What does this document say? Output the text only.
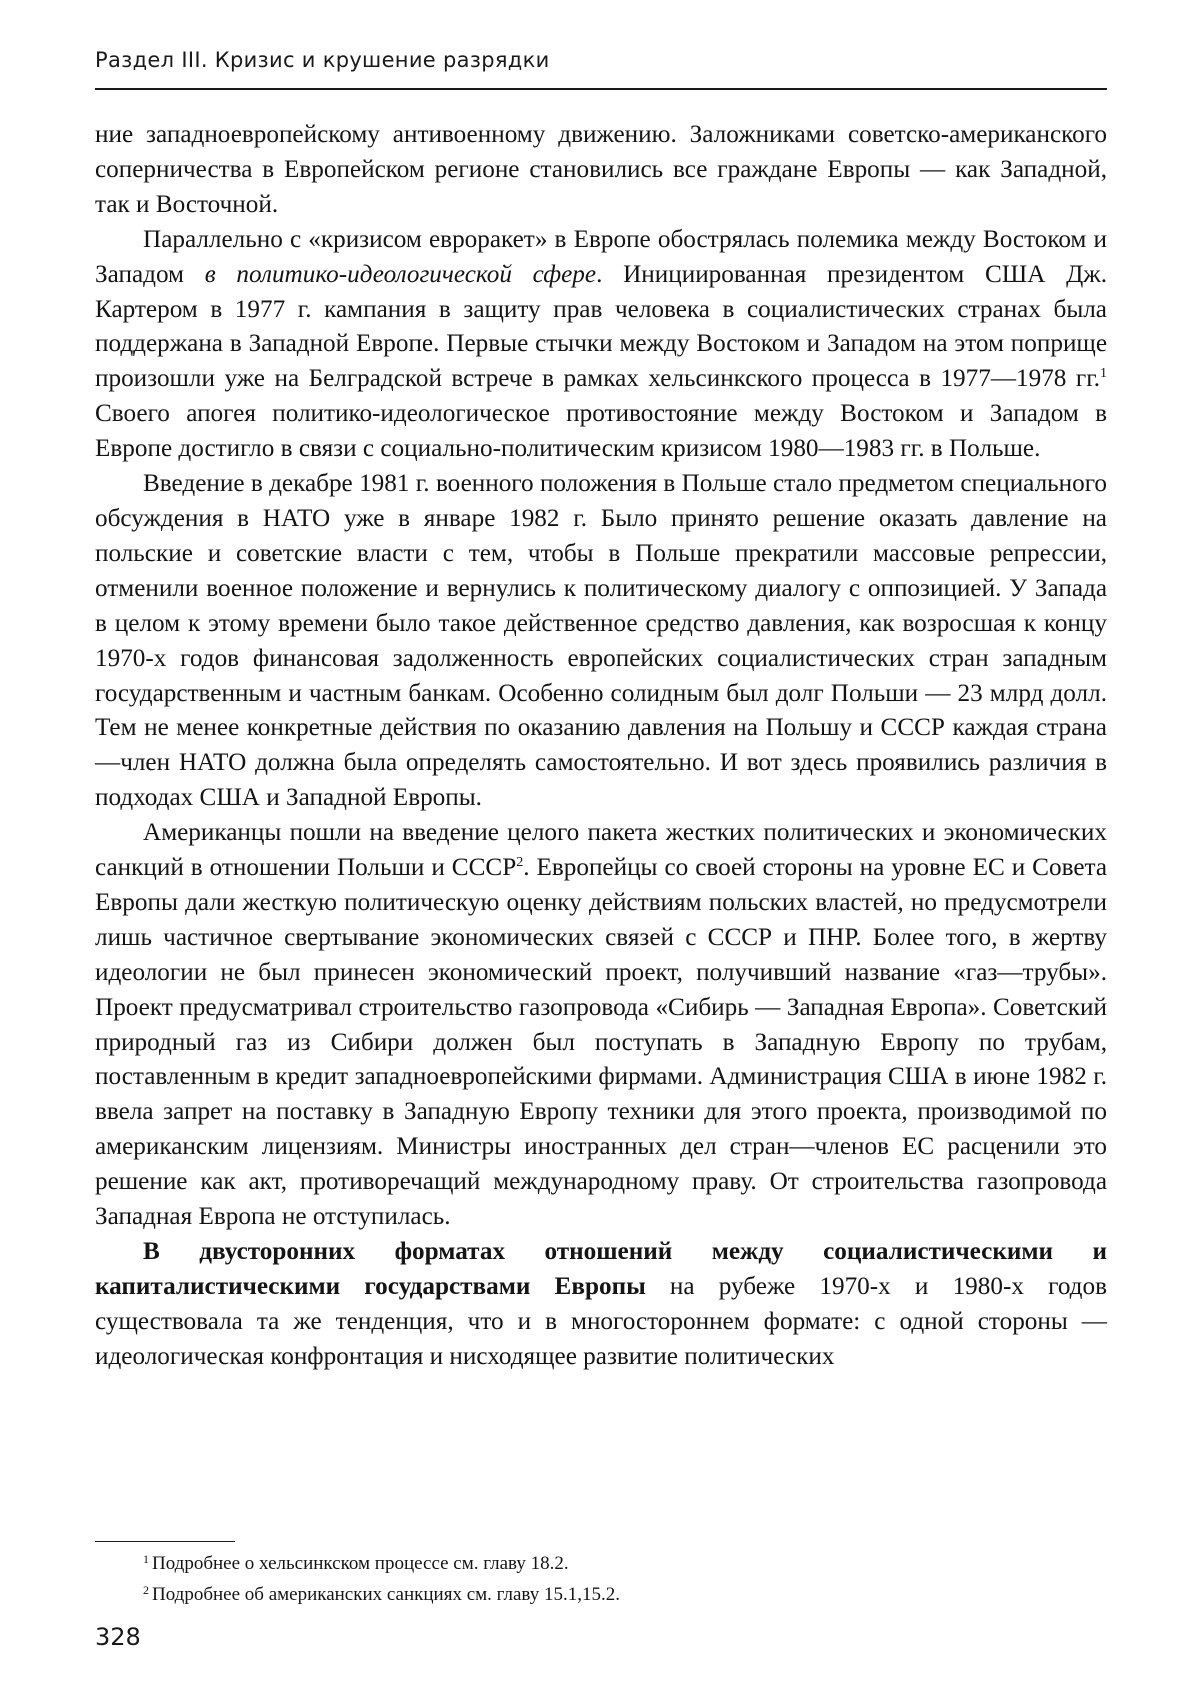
Раздел III. Кризис и крушение разрядки

ние западноевропейскому антивоенному движению. Заложниками советско-американского соперничества в Европейском регионе становились все граждане Европы — как Западной, так и Восточной.

Параллельно с «кризисом евроракет» в Европе обострялась полемика между Востоком и Западом в политико-идеологической сфере. Инициированная президентом США Дж. Картером в 1977 г. кампания в защиту прав человека в социалистических странах была поддержана в Западной Европе. Первые стычки между Востоком и Западом на этом поприще произошли уже на Белградской встрече в рамках хельсинкского процесса в 1977—1978 гг.$^1$ Своего апогея политико-идеологическое противостояние между Востоком и Западом в Европе достигло в связи с социально-политическим кризисом 1980—1983 гг. в Польше.

Введение в декабре 1981 г. военного положения в Польше стало предметом специального обсуждения в НАТО уже в январе 1982 г. Было принято решение оказать давление на польские и советские власти с тем, чтобы в Польше прекратили массовые репрессии, отменили военное положение и вернулись к политическому диалогу с оппозицией. У Запада в целом к этому времени было такое действенное средство давления, как возросшая к концу 1970-х годов финансовая задолженность европейских социалистических стран западным государственным и частным банкам. Особенно солидным был долг Польши — 23 млрд долл. Тем не менее конкретные действия по оказанию давления на Польшу и СССР каждая страна—член НАТО должна была определять самостоятельно. И вот здесь проявились различия в подходах США и Западной Европы.

Американцы пошли на введение целого пакета жестких политических и экономических санкций в отношении Польши и СССР$^2$. Европейцы со своей стороны на уровне ЕС и Совета Европы дали жесткую политическую оценку действиям польских властей, но предусмотрели лишь частичное свертывание экономических связей с СССР и ПНР. Более того, в жертву идеологии не был принесен экономический проект, получивший название «газ—трубы». Проект предусматривал строительство газопровода «Сибирь — Западная Европа». Советский природный газ из Сибири должен был поступать в Западную Европу по трубам, поставленным в кредит западноевропейскими фирмами. Администрация США в июне 1982 г. ввела запрет на поставку в Западную Европу техники для этого проекта, производимой по американским лицензиям. Министры иностранных дел стран—членов ЕС расценили это решение как акт, противоречащий международному праву. От строительства газопровода Западная Европа не отступилась.

В двусторонних форматах отношений между социалистическими и капиталистическими государствами Европы на рубеже 1970-х и 1980-х годов существовала та же тенденция, что и в многостороннем формате: с одной стороны — идеологическая конфронтация и нисходящее развитие политических

$^1$ Подробнее о хельсинкском процессе см. главу 18.2.
$^2$ Подробнее об американских санкциях см. главу 15.1,15.2.
328
